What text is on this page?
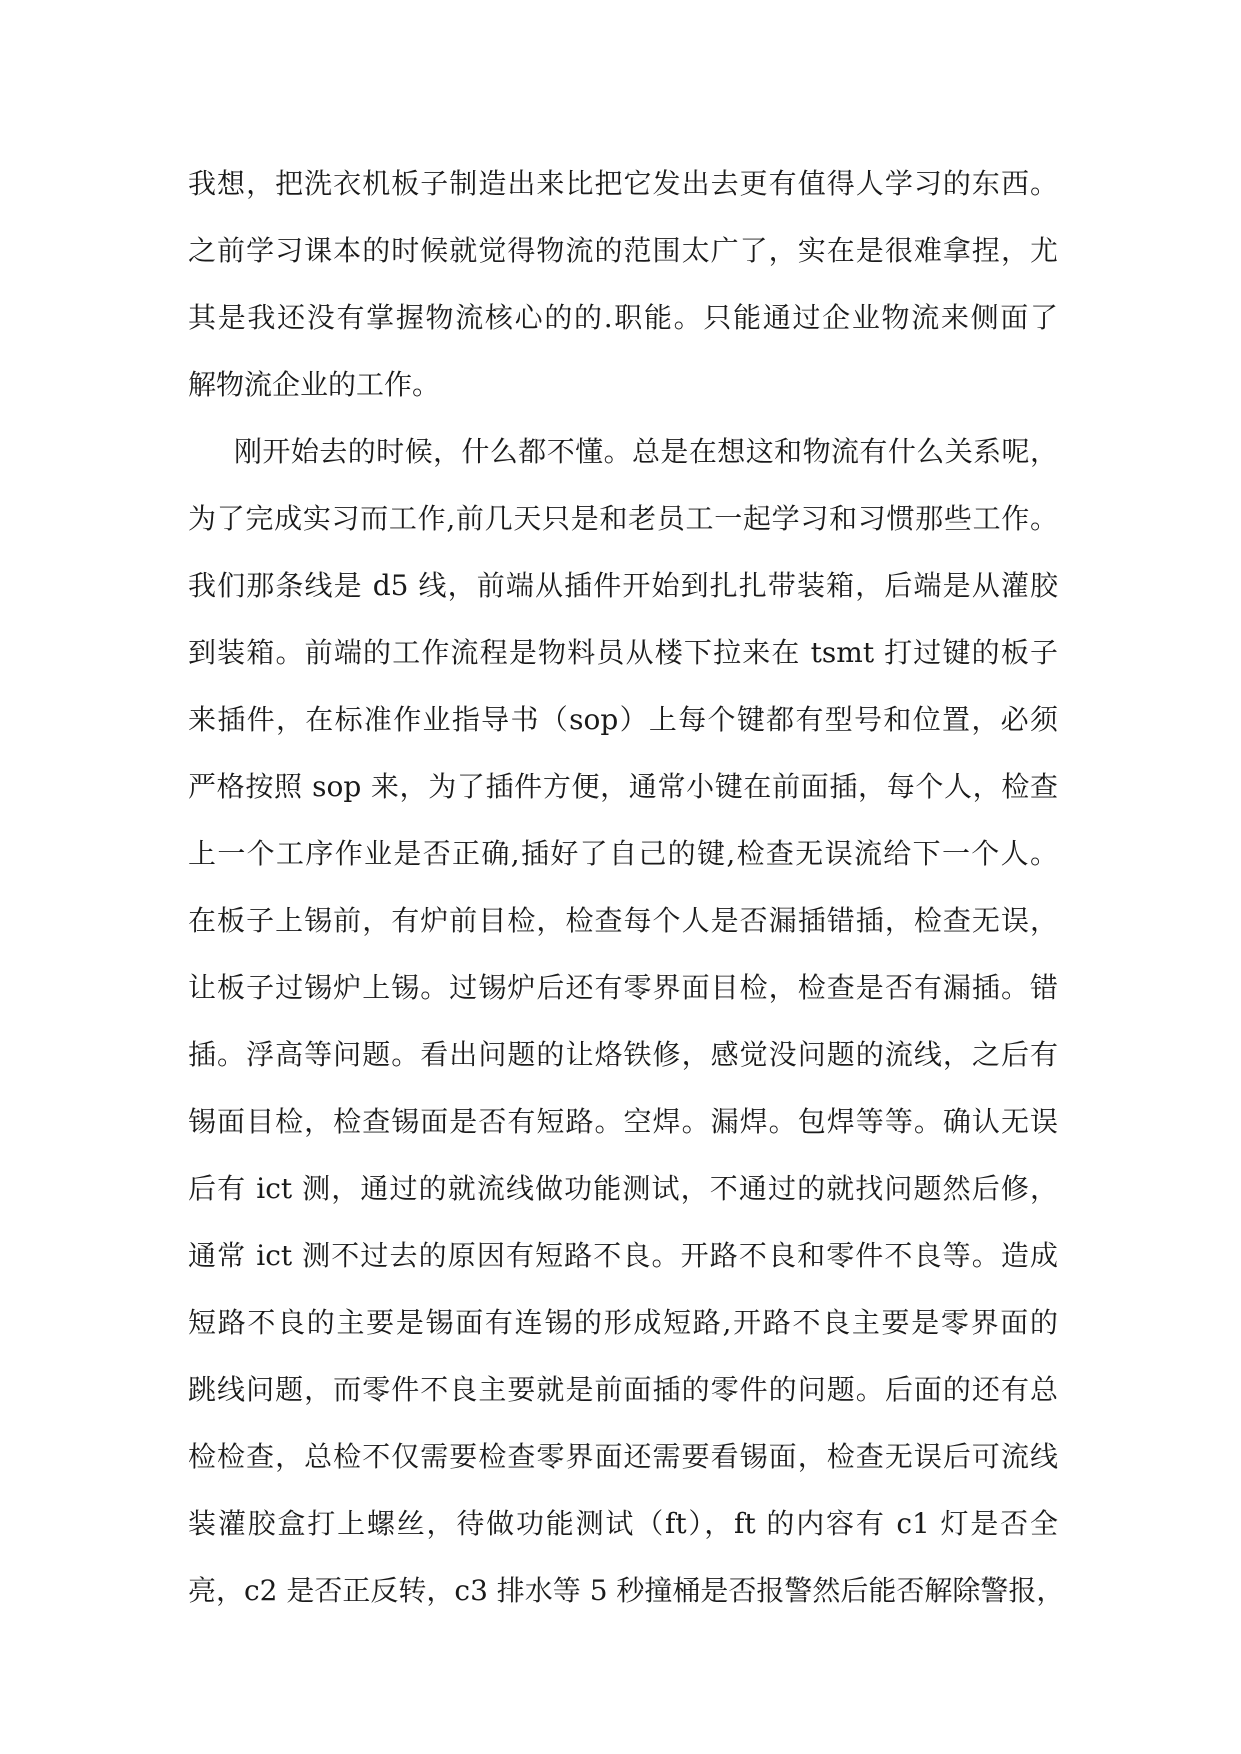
我想，把洗衣机板子制造出来比把它发出去更有值得人学习的东西。
之前学习课本的时候就觉得物流的范围太广了，实在是很难拿捏，尤
其是我还没有掌握物流核心的的.职能。只能通过企业物流来侧面了
解物流企业的工作。
刚开始去的时候，什么都不懂。总是在想这和物流有什么关系呢，
为了完成实习而工作,前几天只是和老员工一起学习和习惯那些工作。
我们那条线是 d5 线，前端从插件开始到扎扎带装箱，后端是从灌胶
到装箱。前端的工作流程是物料员从楼下拉来在 tsmt 打过键的板子
来插件，在标准作业指导书（sop）上每个键都有型号和位置，必须
严格按照 sop 来，为了插件方便，通常小键在前面插，每个人，检查
上一个工序作业是否正确,插好了自己的键,检查无误流给下一个人。
在板子上锡前，有炉前目检，检查每个人是否漏插错插，检查无误，
让板子过锡炉上锡。过锡炉后还有零界面目检，检查是否有漏插。错
插。浮高等问题。看出问题的让烙铁修，感觉没问题的流线，之后有
锡面目检，检查锡面是否有短路。空焊。漏焊。包焊等等。确认无误
后有 ict 测，通过的就流线做功能测试，不通过的就找问题然后修，
通常 ict 测不过去的原因有短路不良。开路不良和零件不良等。造成
短路不良的主要是锡面有连锡的形成短路,开路不良主要是零界面的
跳线问题，而零件不良主要就是前面插的零件的问题。后面的还有总
检检查，总检不仅需要检查零界面还需要看锡面，检查无误后可流线
装灌胶盒打上螺丝，待做功能测试（ft），ft 的内容有 c1 灯是否全
亮，c2 是否正反转，c3 排水等 5 秒撞桶是否报警然后能否解除警报，
